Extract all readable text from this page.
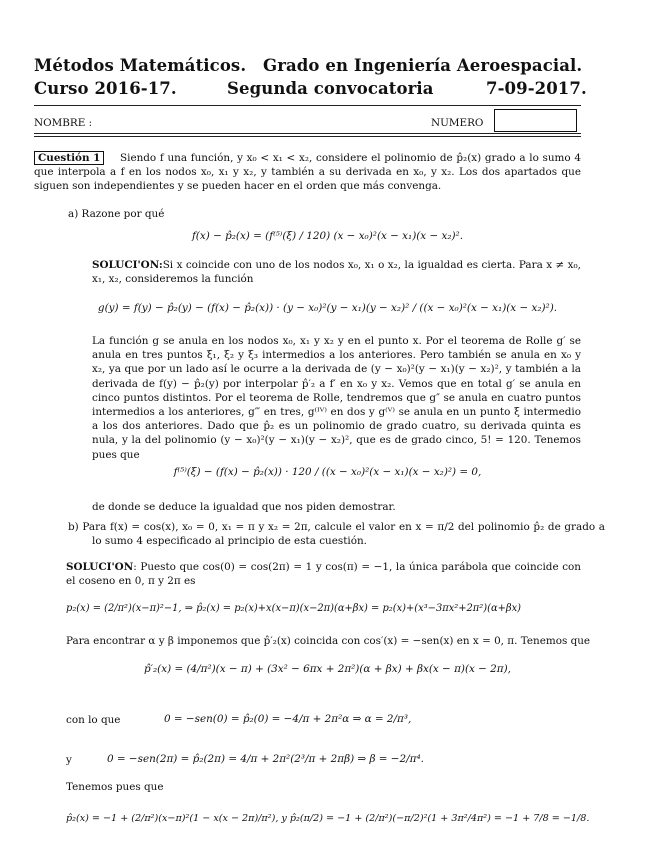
Métodos Matemáticos. Grado en Ingeniería Aeroespacial.
Curso 2016-17.	Segunda convocatoria	7-09-2017.
NOMBRE :	NUMERO
Cuestión 1	Siendo f una función, y x₀ < x₁ < x₂, considere el polinomio de p̂₂(x) grado a lo sumo 4 que interpola a f en los nodos x₀, x₁ y x₂, y también a su derivada en x₀, y x₂. Los dos apartados que siguen son independientes y se pueden hacer en el orden que más convenga.
a) Razone por qué
f(x) − p̂₂(x) = (f⁽⁵⁾(ξ) / 120) (x − x₀)²(x − x₁)(x − x₂)².
SOLUCI'ON:Si x coincide con uno de los nodos x₀, x₁ o x₂, la igualdad es cierta. Para x ≠ x₀, x₁, x₂, consideremos la función
g(y) = f(y) − p̂₂(y) − (f(x) − p̂₂(x)) · (y − x₀)²(y − x₁)(y − x₂)² / ((x − x₀)²(x − x₁)(x − x₂)²).
La función g se anula en los nodos x₀, x₁ y x₂ y en el punto x. Por el teorema de Rolle g′ se anula en tres puntos ξ₁, ξ₂ y ξ₃ intermedios a los anteriores. Pero también se anula en x₀ y x₂, ya que por un lado así le ocurre a la derivada de (y − x₀)²(y − x₁)(y − x₂)², y también a la derivada de f(y) − p̂₂(y) por interpolar p̂′₂ a f′ en x₀ y x₂. Vemos que en total g′ se anula en cinco puntos distintos. Por el teorema de Rolle, tendremos que g″ se anula en cuatro puntos intermedios a los anteriores, g‴ en tres, g⁽ᴵⱽ⁾ en dos y g⁽ⱽ⁾ se anula en un punto ξ intermedio a los dos anteriores. Dado que p̂₂ es un polinomio de grado cuatro, su derivada quinta es nula, y la del polinomio (y − x₀)²(y − x₁)(y − x₂)², que es de grado cinco, 5! = 120. Tenemos pues que
f⁽⁵⁾(ξ) − (f(x) − p̂₂(x)) · 120 / ((x − x₀)²(x − x₁)(x − x₂)²) = 0,
de donde se deduce la igualdad que nos piden demostrar.
b) Para f(x) = cos(x), x₀ = 0, x₁ = π y x₂ = 2π, calcule el valor en x = π/2 del polinomio p̂₂ de grado a lo sumo 4 especificado al principio de esta cuestión.
SOLUCI'ON: Puesto que cos(0) = cos(2π) = 1 y cos(π) = −1, la única parábola que coincide con el coseno en 0, π y 2π es
p₂(x) = (2/π²)(x−π)²−1, ⇒ p̂₂(x) = p₂(x)+x(x−π)(x−2π)(α+βx) = p₂(x)+(x³−3πx²+2π²)(α+βx)
Para encontrar α y β imponemos que p̂′₂(x) coincida con cos′(x) = −sen(x) en x = 0, π. Tenemos que
p̂′₂(x) = (4/π²)(x − π) + (3x² − 6πx + 2π²)(α + βx) + βx(x − π)(x − 2π),
con lo que	0 = −sen(0) = p̂₂(0) = −4/π + 2π²α ⇒ α = 2/π³,
y	0 = −sen(2π) = p̂₂(2π) = 4/π + 2π²(2³/π + 2πβ) ⇒ β = −2/π⁴.
Tenemos pues que
p̂₂(x) = −1 + (2/π²)(x−π)²(1 − x(x − 2π)/π²), y p̂₂(π/2) = −1 + (2/π²)(−π/2)²(1 + 3π²/4π²) = −1 + 7/8 = −1/8.
